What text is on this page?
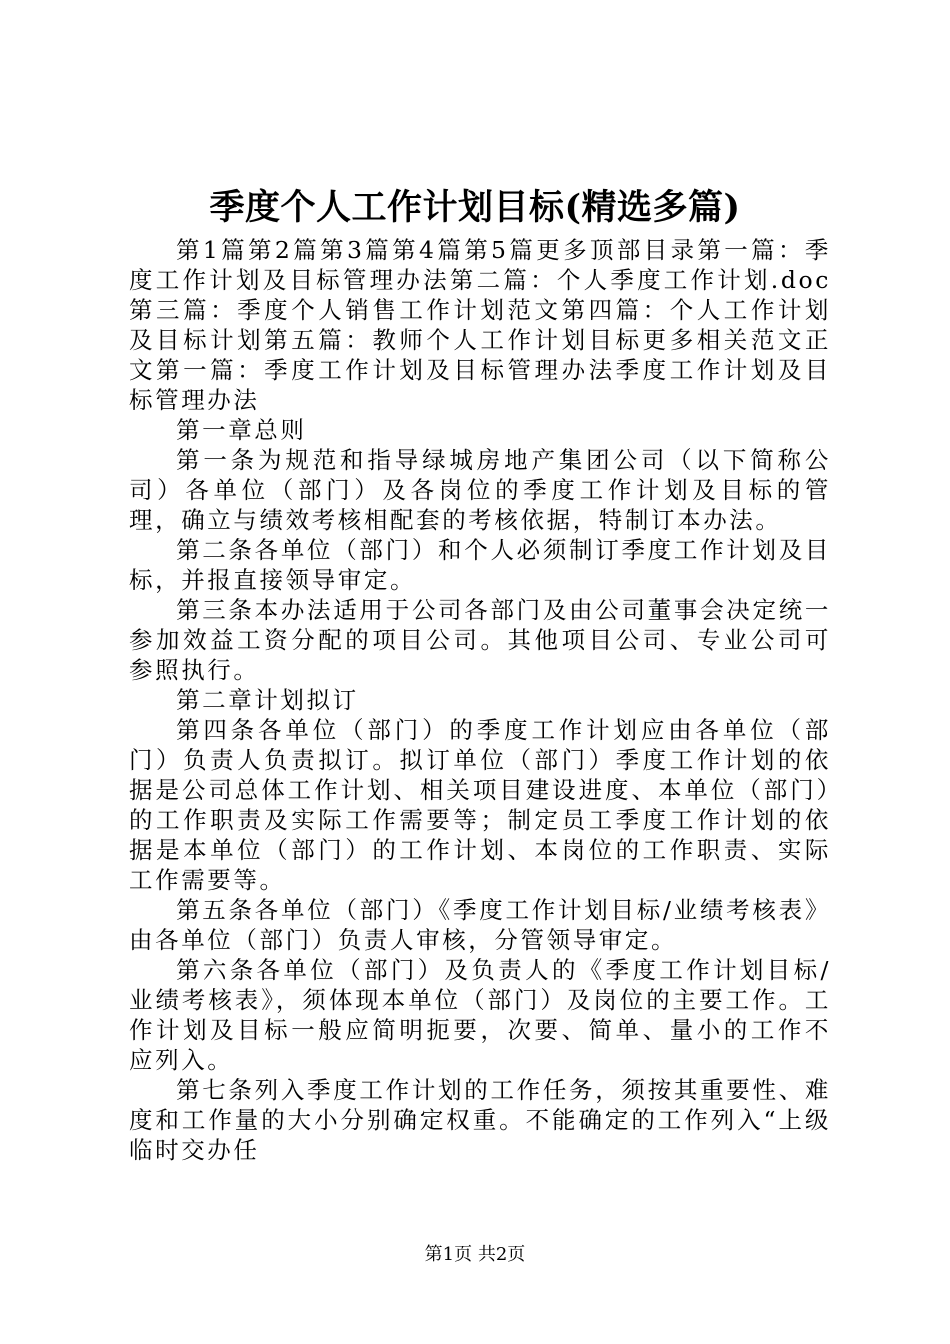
季度个人工作计划目标(精选多篇)

第1篇第2篇第3篇第4篇第5篇更多顶部目录第一篇：季度工作计划及目标管理办法第二篇：个人季度工作计划.doc第三篇：季度个人销售工作计划范文第四篇：个人工作计划及目标计划第五篇：教师个人工作计划目标更多相关范文正文第一篇：季度工作计划及目标管理办法季度工作计划及目标管理办法

第一章总则

第一条为规范和指导绿城房地产集团公司（以下简称公司）各单位（部门）及各岗位的季度工作计划及目标的管理，确立与绩效考核相配套的考核依据，特制订本办法。

第二条各单位（部门）和个人必须制订季度工作计划及目标，并报直接领导审定。

第三条本办法适用于公司各部门及由公司董事会决定统一参加效益工资分配的项目公司。其他项目公司、专业公司可参照执行。

第二章计划拟订

第四条各单位（部门）的季度工作计划应由各单位（部门）负责人负责拟订。拟订单位（部门）季度工作计划的依据是公司总体工作计划、相关项目建设进度、本单位（部门）的工作职责及实际工作需要等；制定员工季度工作计划的依据是本单位（部门）的工作计划、本岗位的工作职责、实际工作需要等。

第五条各单位（部门）《季度工作计划目标/业绩考核表》由各单位（部门）负责人审核，分管领导审定。

第六条各单位（部门）及负责人的《季度工作计划目标/业绩考核表》，须体现本单位（部门）及岗位的主要工作。工作计划及目标一般应简明扼要，次要、简单、量小的工作不应列入。

第七条列入季度工作计划的工作任务，须按其重要性、难度和工作量的大小分别确定权重。不能确定的工作列入“上级临时交办任

第1页 共2页
